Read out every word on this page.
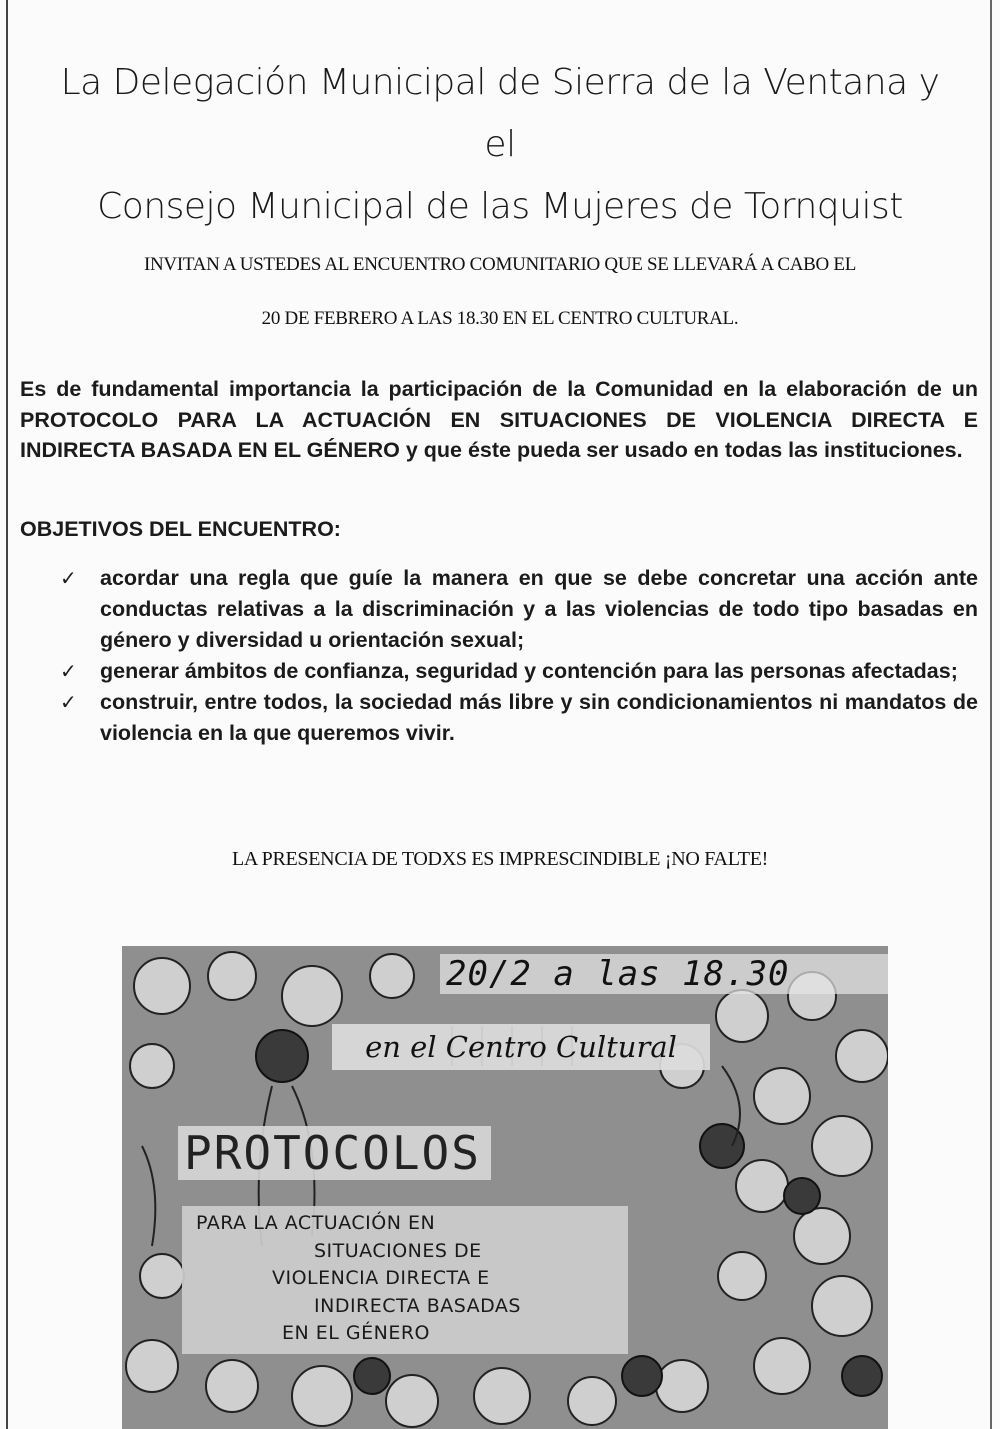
La Delegación Municipal de Sierra de la Ventana y el
Consejo Municipal de las Mujeres de Tornquist
INVITAN A USTEDES AL ENCUENTRO COMUNITARIO QUE SE LLEVARÁ A CABO EL
20 DE FEBRERO A LAS 18.30 EN EL CENTRO CULTURAL.

Es de fundamental importancia la participación de la Comunidad en la elaboración de un PROTOCOLO PARA LA ACTUACIÓN EN SITUACIONES DE VIOLENCIA DIRECTA E INDIRECTA BASADA EN EL GÉNERO y que éste pueda ser usado en todas las instituciones.

OBJETIVOS DEL ENCUENTRO:
✓ acordar una regla que guíe la manera en que se debe concretar una acción ante conductas relativas a la discriminación y a las violencias de todo tipo basadas en género y diversidad u orientación sexual;
✓ generar ámbitos de confianza, seguridad y contención para las personas afectadas;
✓ construir, entre todos, la sociedad más libre y sin condicionamientos ni mandatos de violencia en la que queremos vivir.
LA PRESENCIA DE TODXS ES IMPRESCINDIBLE ¡NO FALTE!
20/2 a las 18.30
en el Centro Cultural
PROTOCOLOS
PARA LA ACTUACIÓN EN
SITUACIONES DE
VIOLENCIA DIRECTA E
INDIRECTA BASADAS
EN EL GÉNERO
